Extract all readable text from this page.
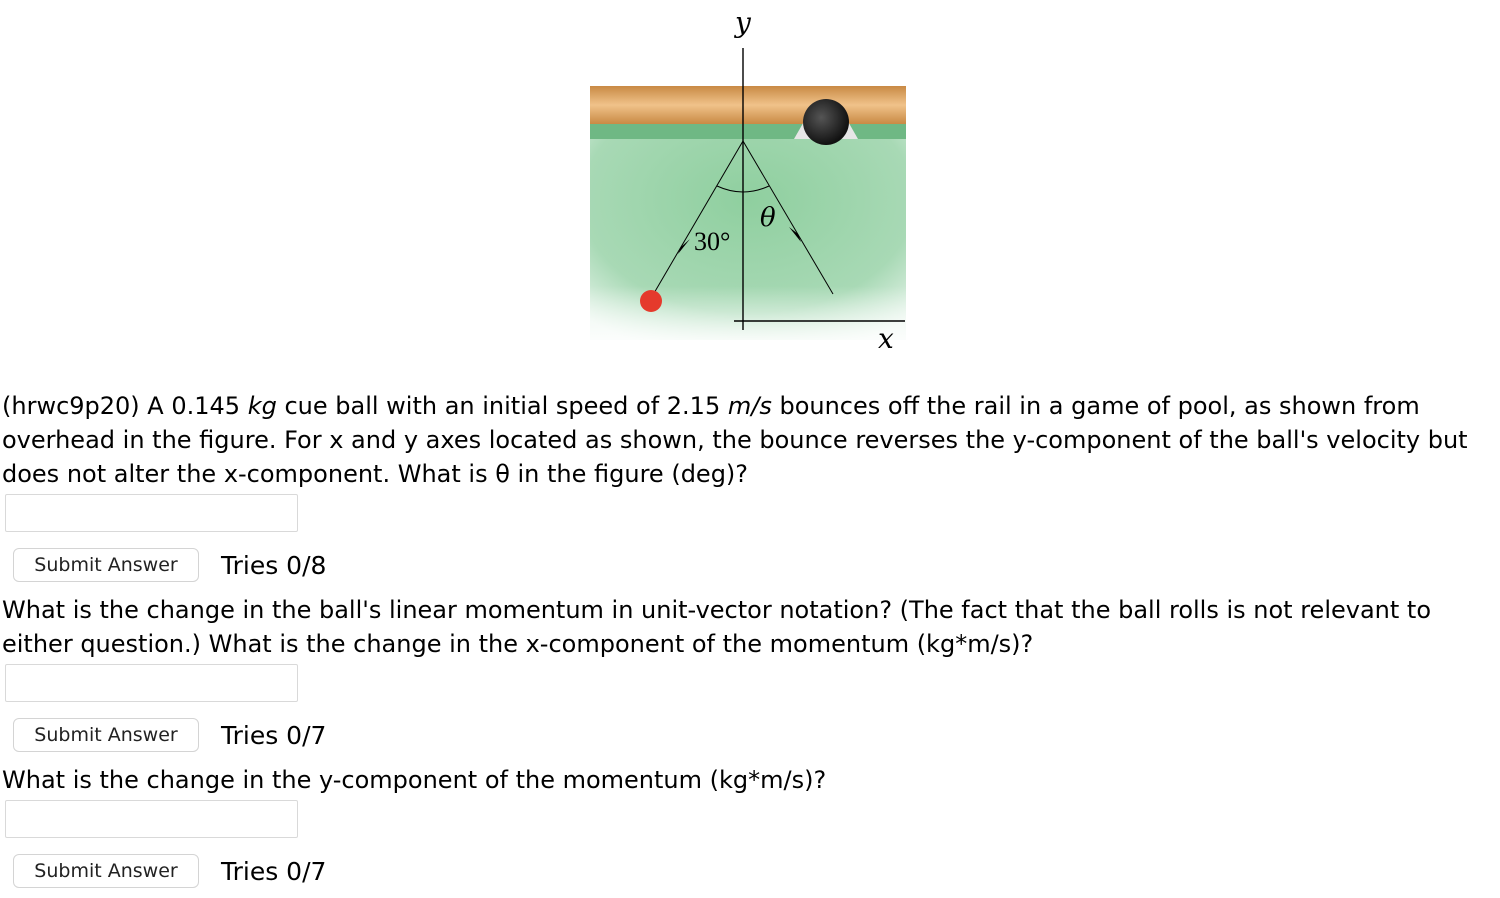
y
x
30°
θ

(hrwc9p20) A 0.145 kg cue ball with an initial speed of 2.15 m/s bounces off the rail in a game of pool, as shown from overhead in the figure. For x and y axes located as shown, the bounce reverses the y-component of the ball's velocity but does not alter the x-component. What is θ in the figure (deg)?

Submit Answer	Tries 0/8

What is the change in the ball's linear momentum in unit-vector notation? (The fact that the ball rolls is not relevant to either question.) What is the change in the x-component of the momentum (kg*m/s)?

Submit Answer	Tries 0/7

What is the change in the y-component of the momentum (kg*m/s)?

Submit Answer	Tries 0/7
